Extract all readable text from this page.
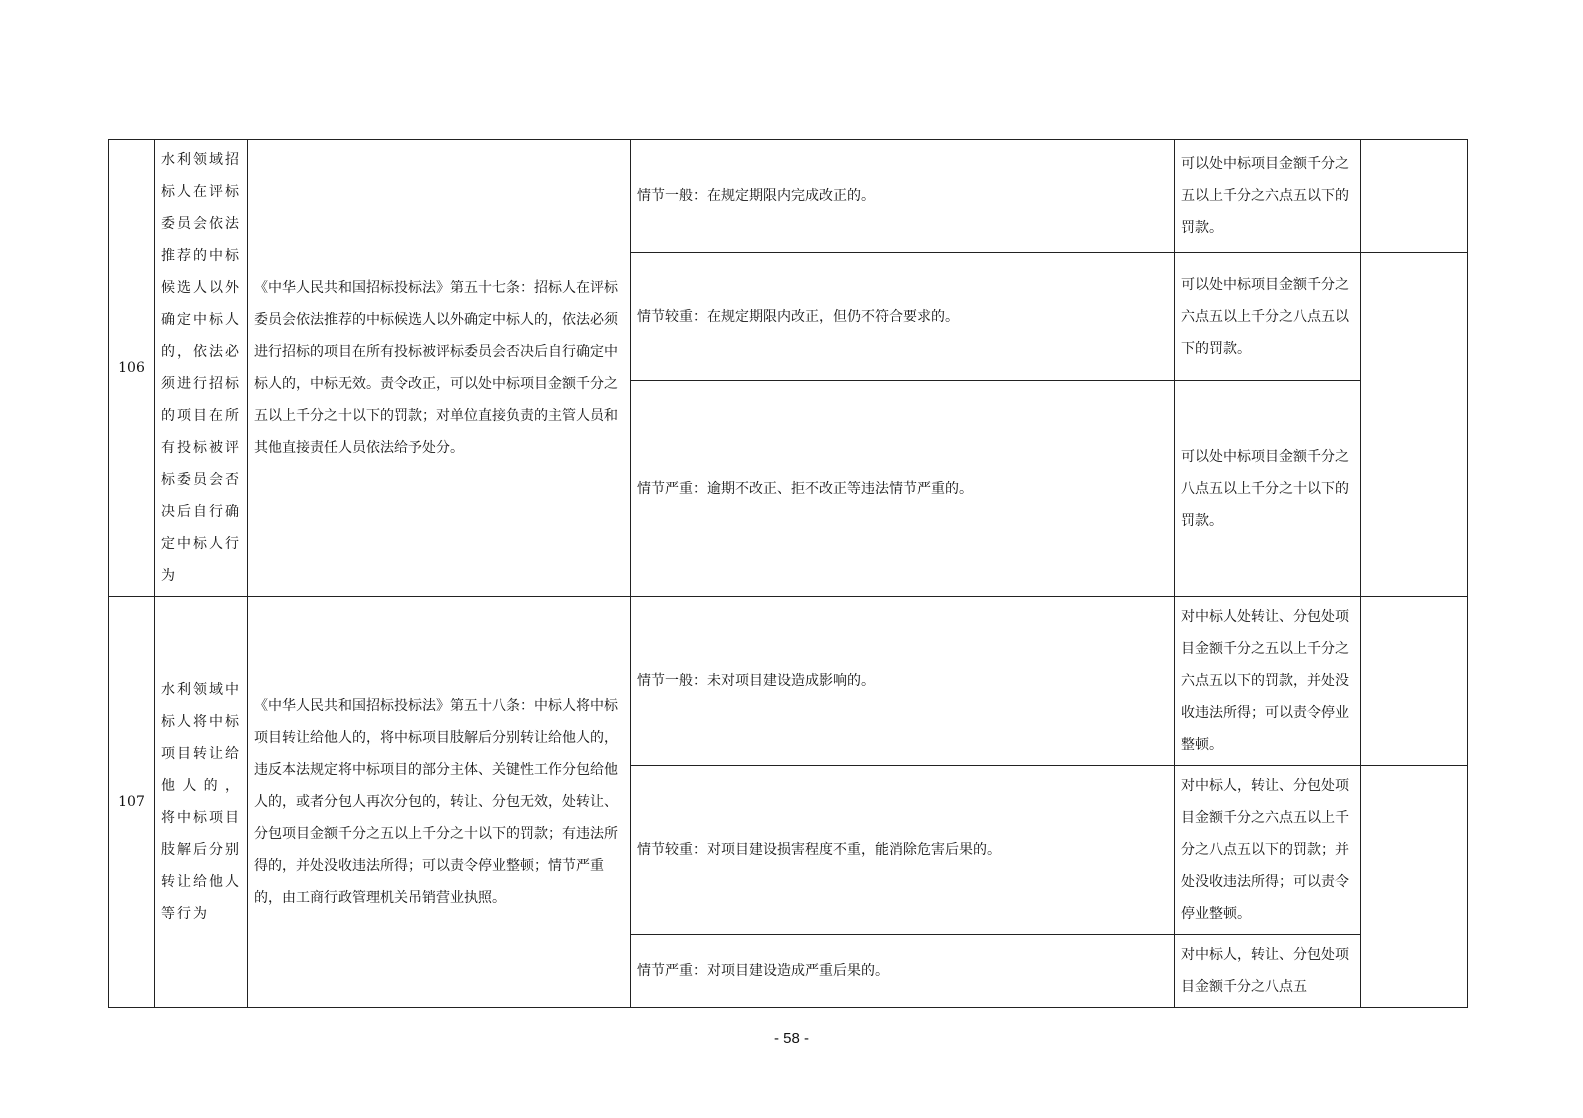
106	水利领域招标人在评标委员会依法推荐的中标候选人以外确定中标人的，依法必须进行招标的项目在所有投标被评标委员会否决后自行确定中标人行为	《中华人民共和国招标投标法》第五十七条：招标人在评标委员会依法推荐的中标候选人以外确定中标人的，依法必须进行招标的项目在所有投标被评标委员会否决后自行确定中标人的，中标无效。责令改正，可以处中标项目金额千分之五以上千分之十以下的罚款；对单位直接负责的主管人员和其他直接责任人员依法给予处分。	情节一般：在规定期限内完成改正的。	可以处中标项目金额千分之五以上千分之六点五以下的罚款。	
			情节较重：在规定期限内改正，但仍不符合要求的。	可以处中标项目金额千分之六点五以上千分之八点五以下的罚款。	
			情节严重：逾期不改正、拒不改正等违法情节严重的。	可以处中标项目金额千分之八点五以上千分之十以下的罚款。	
107	水利领域中标人将中标项目转让给他人的， 将中标项目肢解后分别转让给他人等行为	《中华人民共和国招标投标法》第五十八条：中标人将中标项目转让给他人的，将中标项目肢解后分别转让给他人的，违反本法规定将中标项目的部分主体、关键性工作分包给他人的，或者分包人再次分包的，转让、分包无效，处转让、分包项目金额千分之五以上千分之十以下的罚款；有违法所得的，并处没收违法所得；可以责令停业整顿；情节严重的，由工商行政管理机关吊销营业执照。	情节一般：未对项目建设造成影响的。	对中标人处转让、分包处项目金额千分之五以上千分之六点五以下的罚款，并处没收违法所得；可以责令停业整顿。	
			情节较重：对项目建设损害程度不重，能消除危害后果的。	对中标人，转让、分包处项目金额千分之六点五以上千分之八点五以下的罚款；并处没收违法所得；可以责令停业整顿。	
			情节严重：对项目建设造成严重后果的。	对中标人，转让、分包处项目金额千分之八点五	
- 58 -
